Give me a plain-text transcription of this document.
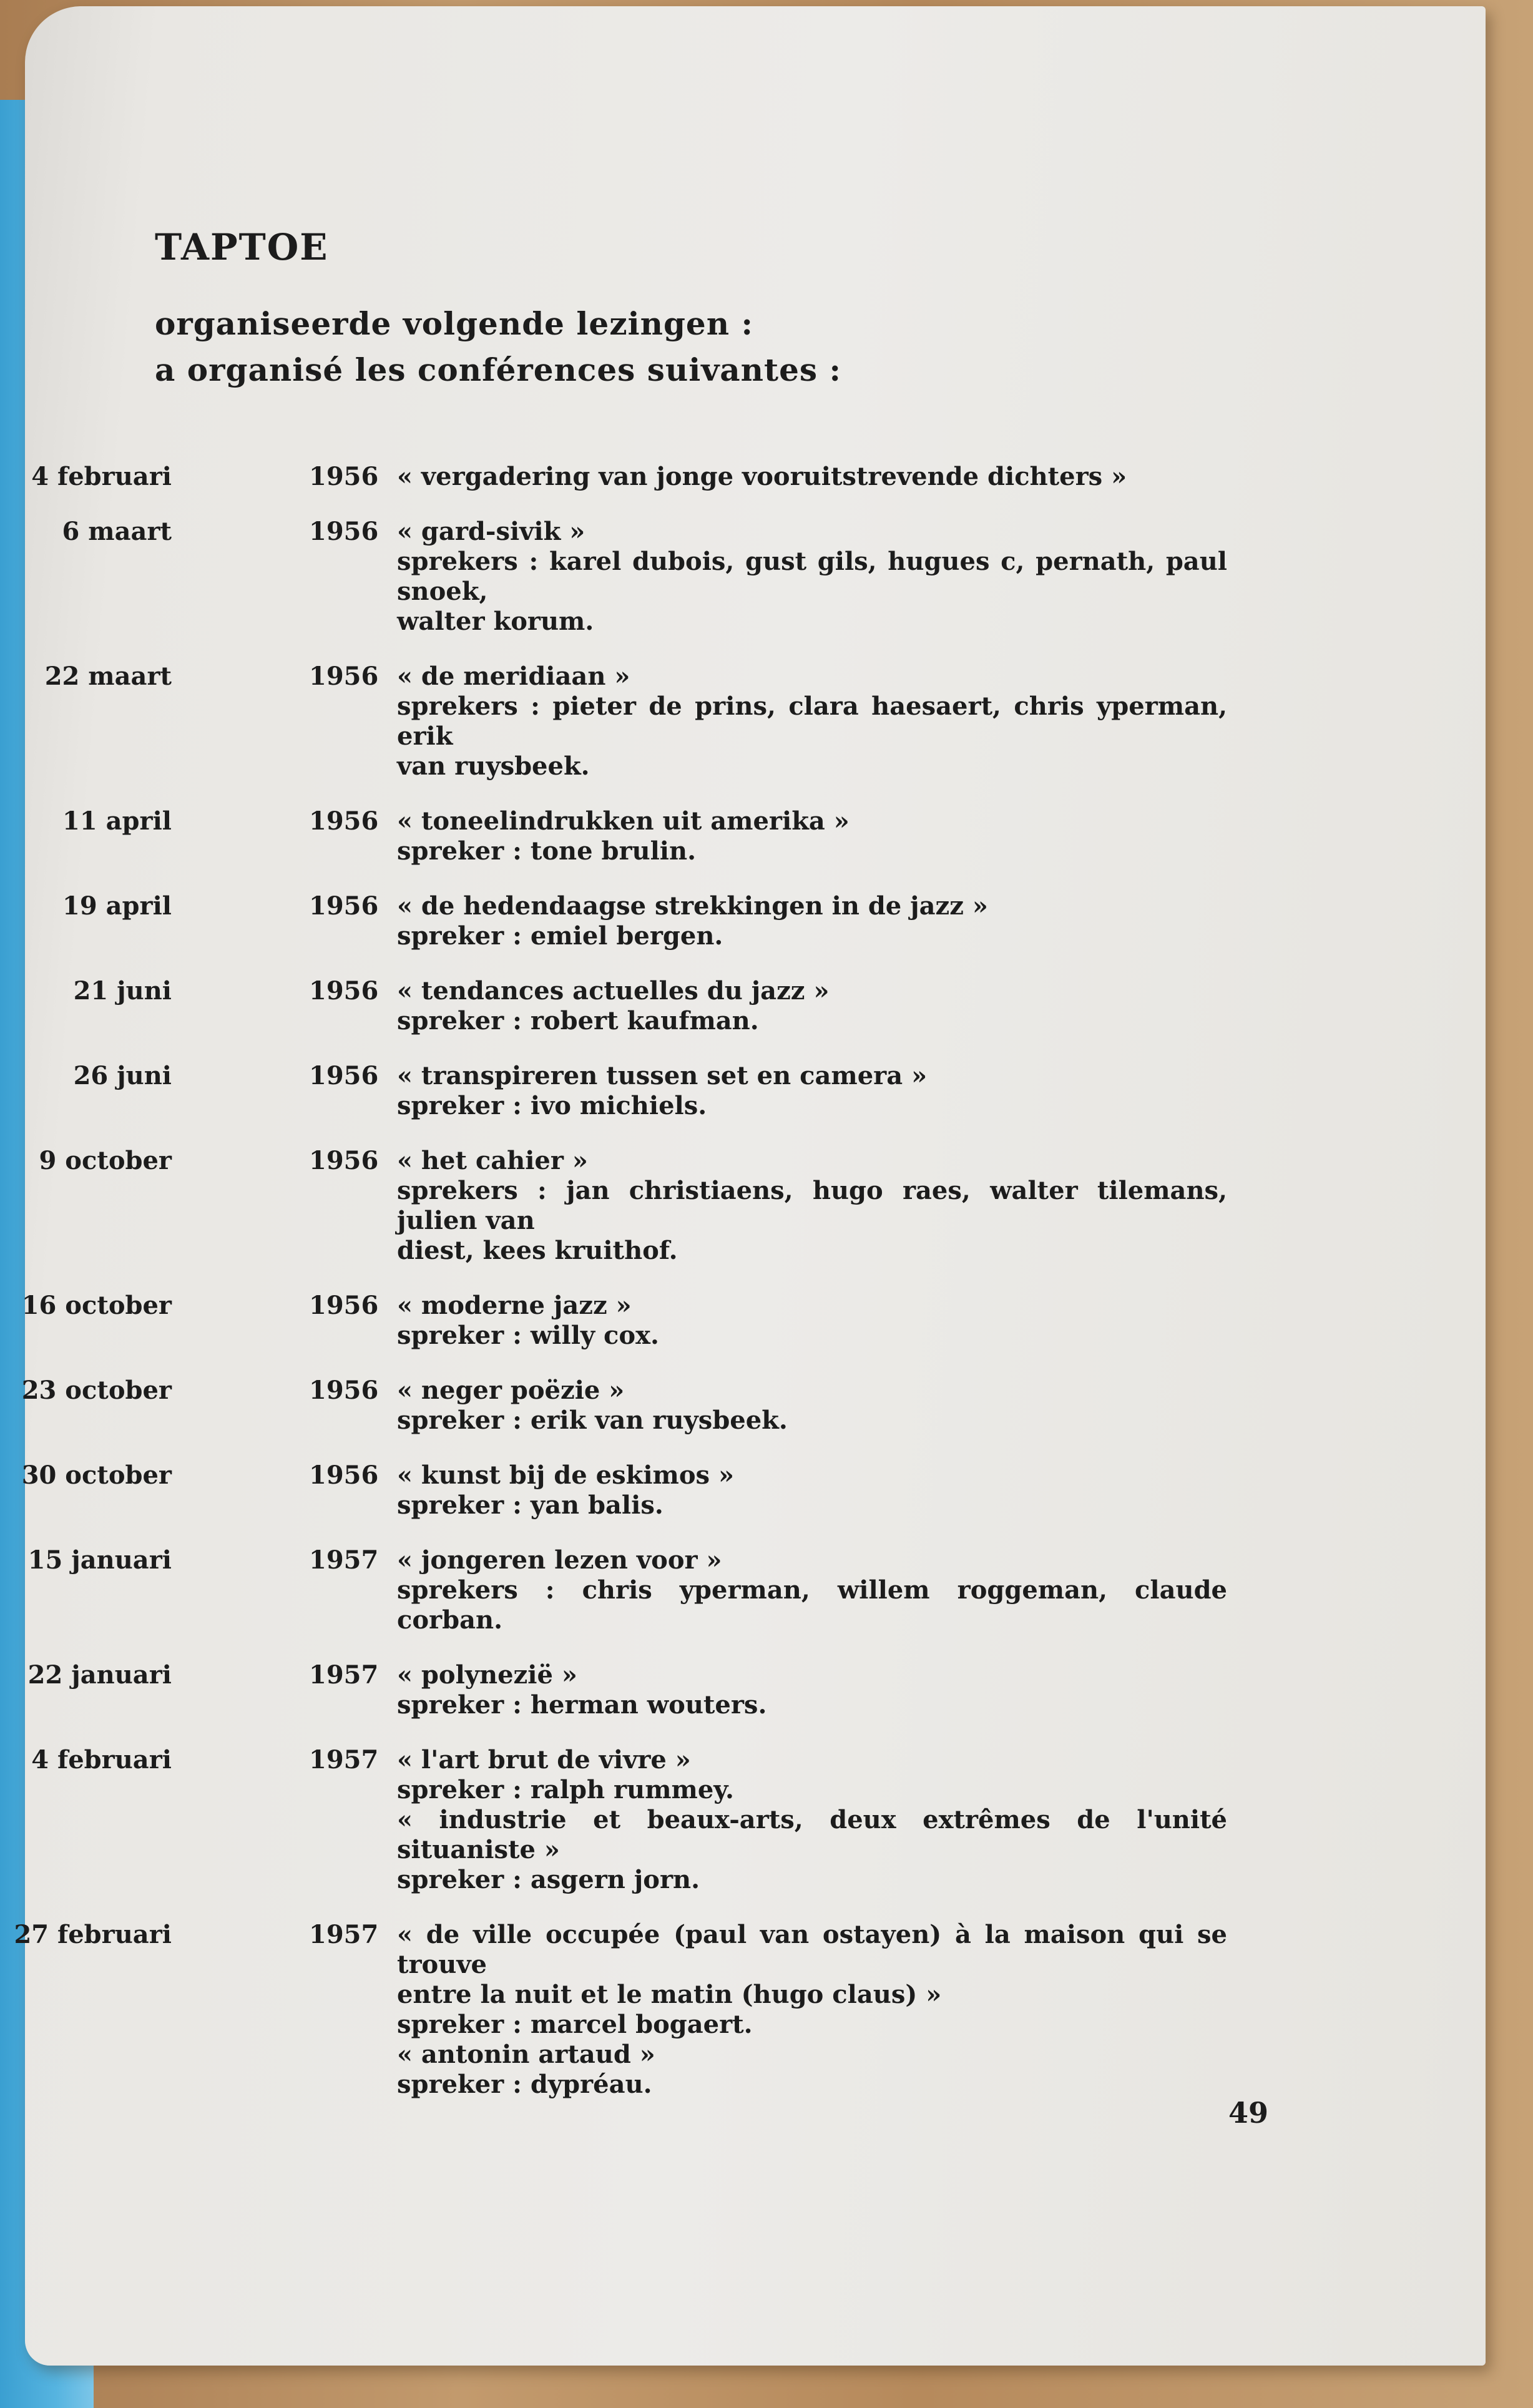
TAPTOE
organiseerde volgende lezingen :
a organisé les conférences suivantes :
4 februari	1956 « vergadering van jonge vooruitstrevende dichters »
6 maart	1956 « gard-sivik »
sprekers : karel dubois, gust gils, hugues c, pernath, paul snoek,
walter korum.
22 maart	1956 « de meridiaan »
sprekers : pieter de prins, clara haesaert, chris yperman, erik
van ruysbeek.
11 april	1956 « toneelindrukken uit amerika »
spreker : tone brulin.
19 april	1956 « de hedendaagse strekkingen in de jazz »
spreker : emiel bergen.
21 juni	1956 « tendances actuelles du jazz »
spreker : robert kaufman.
26 juni	1956 « transpireren tussen set en camera »
spreker : ivo michiels.
9 october	1956 « het cahier »
sprekers : jan christiaens, hugo raes, walter tilemans, julien van
diest, kees kruithof.
16 october	1956 « moderne jazz »
spreker : willy cox.
23 october	1956 « neger poëzie »
spreker : erik van ruysbeek.
30 october	1956 « kunst bij de eskimos »
spreker : yan balis.
15 januari	1957 « jongeren lezen voor »
sprekers : chris yperman, willem roggeman, claude corban.
22 januari	1957 « polynezië »
spreker : herman wouters.
4 februari	1957 « l'art brut de vivre »
spreker : ralph rummey.
« industrie et beaux-arts, deux extrêmes de l'unité situaniste »
spreker : asgern jorn.
27 februari	1957 « de ville occupée (paul van ostayen) à la maison qui se trouve
entre la nuit et le matin (hugo claus) »
spreker : marcel bogaert.
« antonin artaud »
spreker : dypréau.
49
